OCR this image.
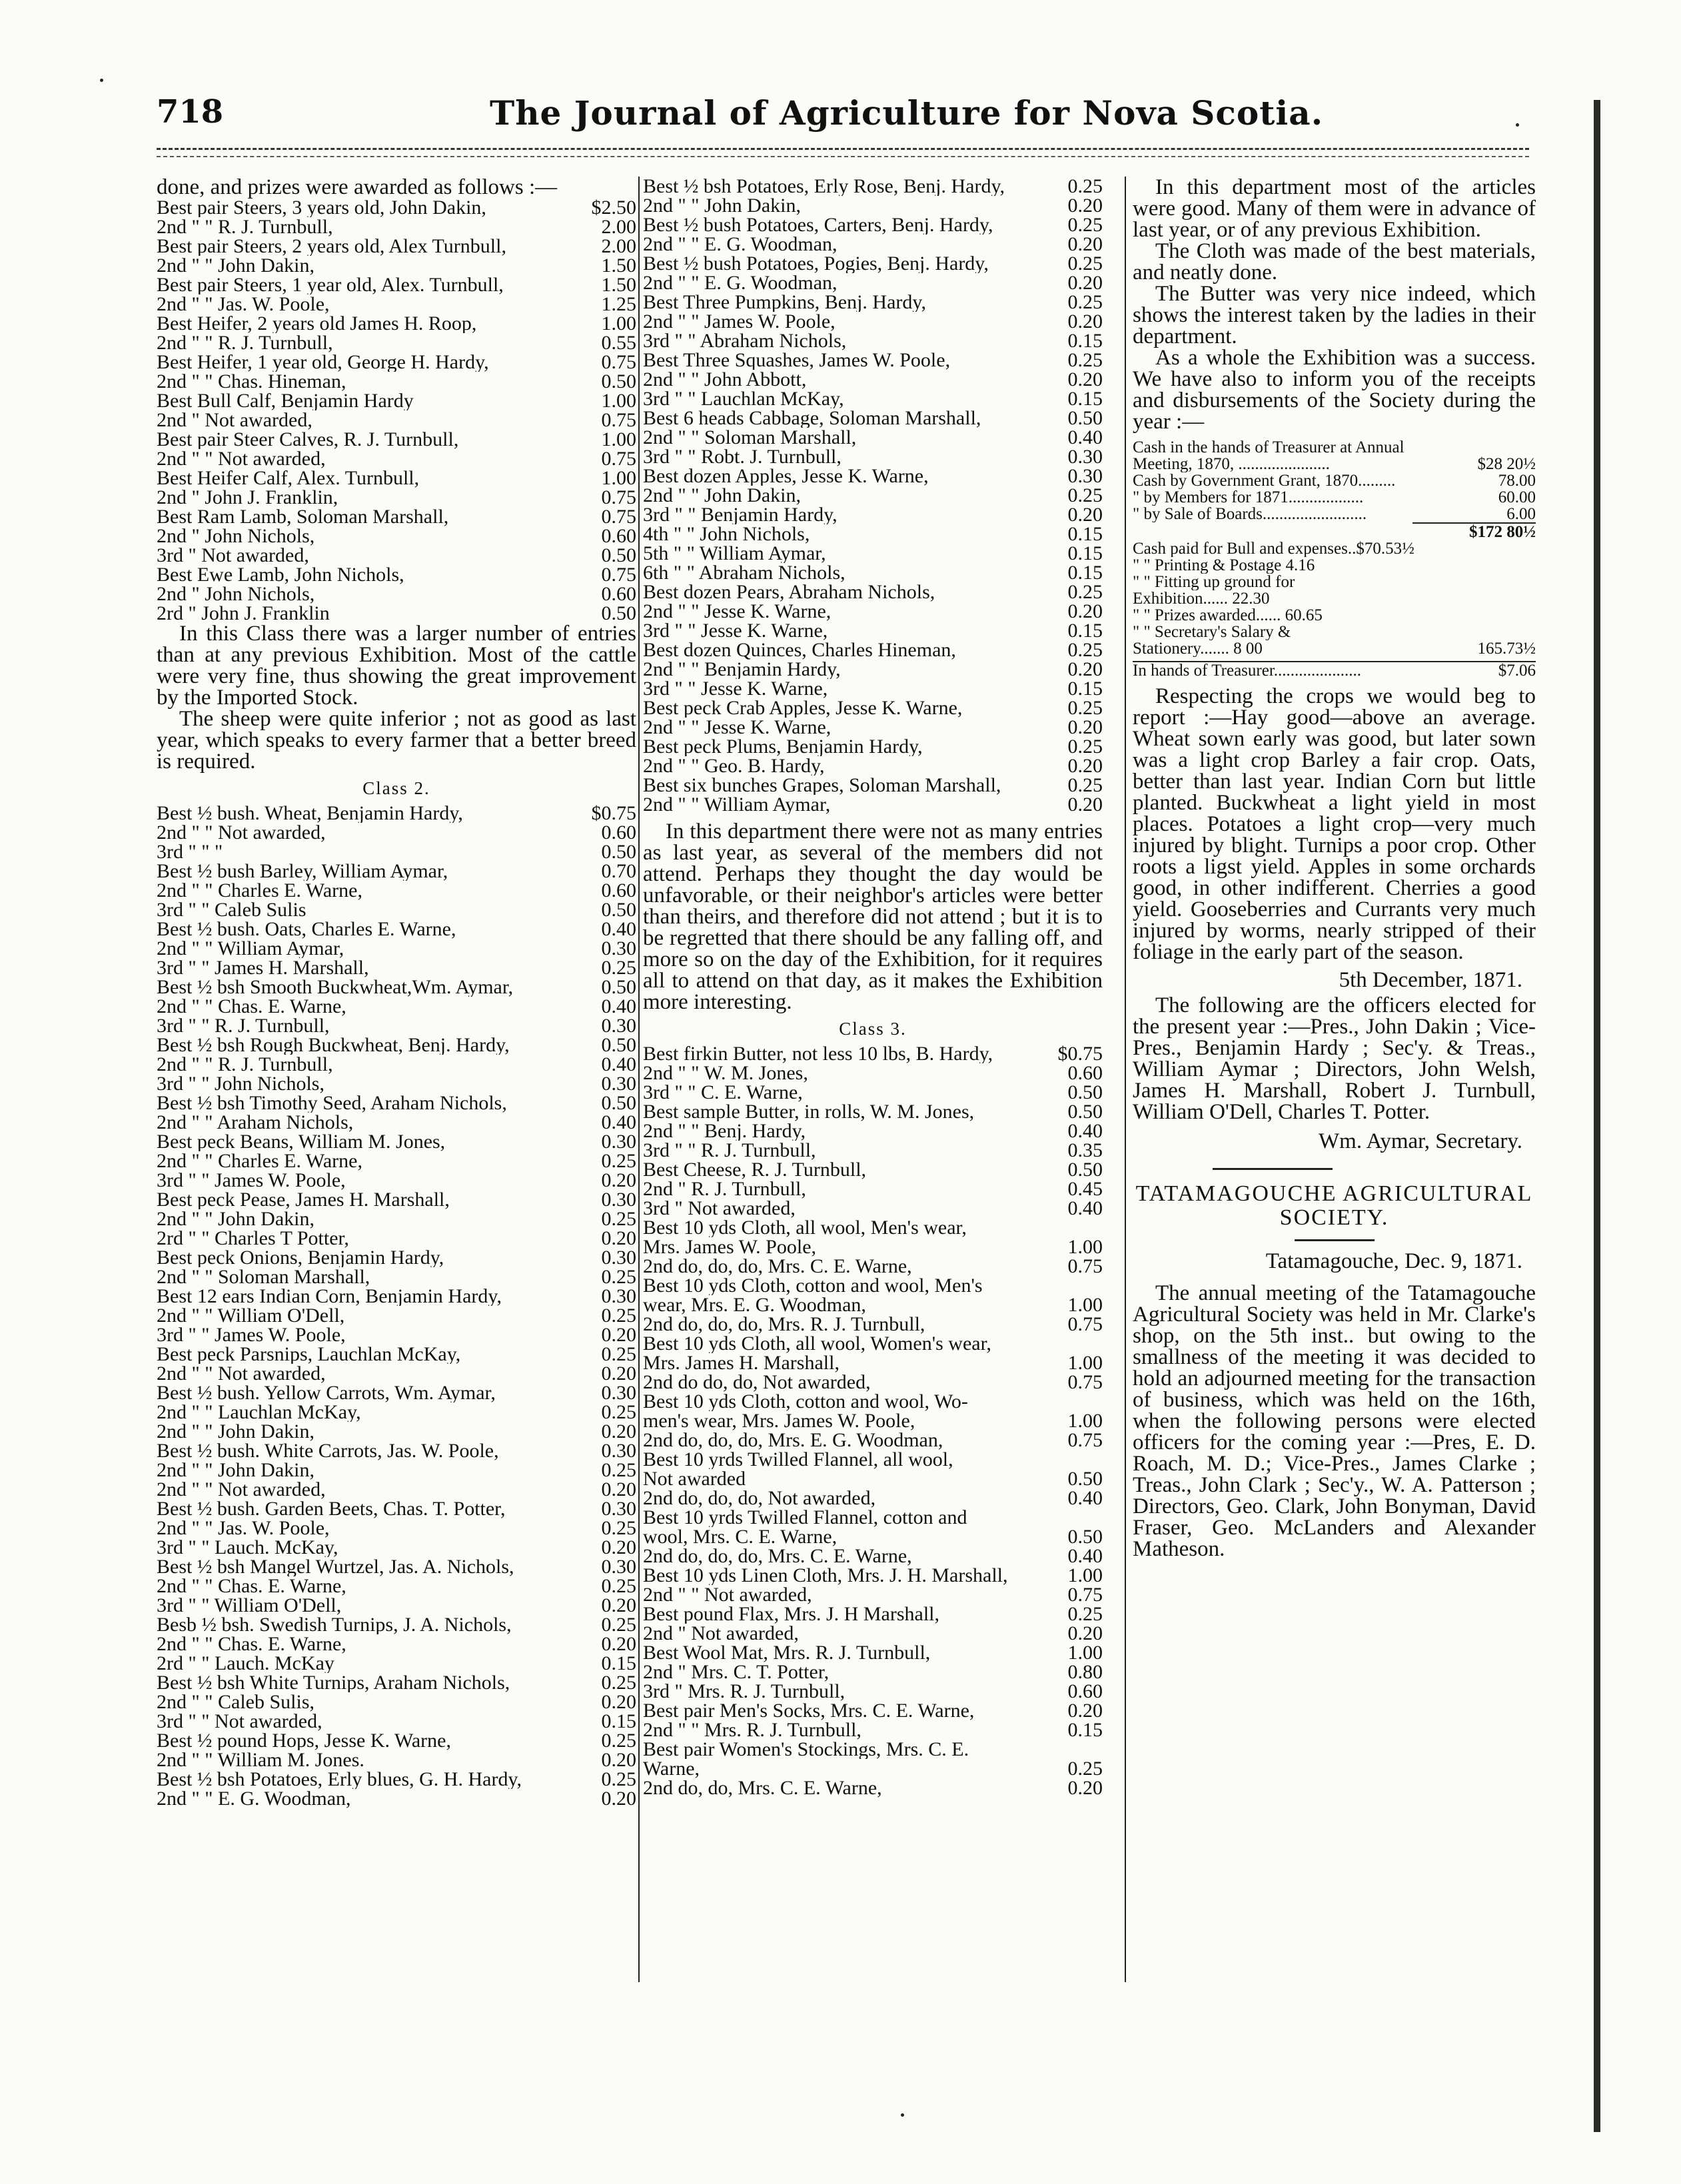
718	The Journal of Agriculture for Nova Scotia.
done, and prizes were awarded as follows :—
Best pair Steers, 3 years old, John Dakin,	$2.50
2nd " " R. J. Turnbull,	2.00
Best pair Steers, 2 years old, Alex Turnbull,	2.00
2nd " " John Dakin,	1.50
Best pair Steers, 1 year old, Alex. Turnbull,	1.50
2nd " " Jas. W. Poole,	1.25
Best Heifer, 2 years old James H. Roop,	1.00
2nd " " R. J. Turnbull,	0.55
Best Heifer, 1 year old, George H. Hardy,	0.75
2nd " " Chas. Hineman,	0.50
Best Bull Calf, Benjamin Hardy	1.00
2nd " Not awarded,	0.75
Best pair Steer Calves, R. J. Turnbull,	1.00
2nd " " Not awarded,	0.75
Best Heifer Calf, Alex. Turnbull,	1.00
2nd " John J. Franklin,	0.75
Best Ram Lamb, Soloman Marshall,	0.75
2nd " John Nichols,	0.60
3rd " Not awarded,	0.50
Best Ewe Lamb, John Nichols,	0.75
2nd " John Nichols,	0.60
2rd " John J. Franklin	0.50
In this Class there was a larger number of entries than at any previous Exhibition. Most of the cattle were very fine, thus showing the great improvement by the Imported Stock.
The sheep were quite inferior ; not as good as last year, which speaks to every farmer that a better breed is required.
Class 2.
Best ½ bush. Wheat, Benjamin Hardy,	$0.75
2nd " " Not awarded,	0.60
3rd " " "	0.50
Best ½ bush Barley, William Aymar,	0.70
2nd " " Charles E. Warne,	0.60
3rd " " Caleb Sulis	0.50
Best ½ bush. Oats, Charles E. Warne,	0.40
2nd " " William Aymar,	0.30
3rd " " James H. Marshall,	0.25
Best ½ bsh Smooth Buckwheat,Wm. Aymar,	0.50
2nd " " Chas. E. Warne,	0.40
3rd " " R. J. Turnbull,	0.30
Best ½ bsh Rough Buckwheat, Benj. Hardy,	0.50
2nd " " R. J. Turnbull,	0.40
3rd " " John Nichols,	0.30
Best ½ bsh Timothy Seed, Araham Nichols,	0.50
2nd " " Araham Nichols,	0.40
Best peck Beans, William M. Jones,	0.30
2nd " " Charles E. Warne,	0.25
3rd " " James W. Poole,	0.20
Best peck Pease, James H. Marshall,	0.30
2nd " " John Dakin,	0.25
2rd " " Charles T Potter,	0.20
Best peck Onions, Benjamin Hardy,	0.30
2nd " " Soloman Marshall,	0.25
Best 12 ears Indian Corn, Benjamin Hardy,	0.30
2nd " " William O'Dell,	0.25
3rd " " James W. Poole,	0.20
Best peck Parsnips, Lauchlan McKay,	0.25
2nd " " Not awarded,	0.20
Best ½ bush. Yellow Carrots, Wm. Aymar,	0.30
2nd " " Lauchlan McKay,	0.25
2nd " " John Dakin,	0.20
Best ½ bush. White Carrots, Jas. W. Poole,	0.30
2nd " " John Dakin,	0.25
2nd " " Not awarded,	0.20
Best ½ bush. Garden Beets, Chas. T. Potter,	0.30
2nd " " Jas. W. Poole,	0.25
3rd " " Lauch. McKay,	0.20
Best ½ bsh Mangel Wurtzel, Jas. A. Nichols,	0.30
2nd " " Chas. E. Warne,	0.25
3rd " " William O'Dell,	0.20
Besb ½ bsh. Swedish Turnips, J. A. Nichols,	0.25
2nd " " Chas. E. Warne,	0.20
2rd " " Lauch. McKay	0.15
Best ½ bsh White Turnips, Araham Nichols,	0.25
2nd " " Caleb Sulis,	0.20
3rd " " Not awarded,	0.15
Best ½ pound Hops, Jesse K. Warne,	0.25
2nd " " William M. Jones.	0.20
Best ½ bsh Potatoes, Erly blues, G. H. Hardy,	0.25
2nd " " E. G. Woodman,	0.20
Best ½ bsh Potatoes, Erly Rose, Benj. Hardy,	0.25
2nd " " John Dakin,	0.20
Best ½ bush Potatoes, Carters, Benj. Hardy,	0.25
2nd " " E. G. Woodman,	0.20
Best ½ bush Potatoes, Pogies, Benj. Hardy,	0.25
2nd " " E. G. Woodman,	0.20
Best Three Pumpkins, Benj. Hardy,	0.25
2nd " " James W. Poole,	0.20
3rd " " Abraham Nichols,	0.15
Best Three Squashes, James W. Poole,	0.25
2nd " " John Abbott,	0.20
3rd " " Lauchlan McKay,	0.15
Best 6 heads Cabbage, Soloman Marshall,	0.50
2nd " " Soloman Marshall,	0.40
3rd " " Robt. J. Turnbull,	0.30
Best dozen Apples, Jesse K. Warne,	0.30
2nd " " John Dakin,	0.25
3rd " " Benjamin Hardy,	0.20
4th " " John Nichols,	0.15
5th " " William Aymar,	0.15
6th " " Abraham Nichols,	0.15
Best dozen Pears, Abraham Nichols,	0.25
2nd " " Jesse K. Warne,	0.20
3rd " " Jesse K. Warne,	0.15
Best dozen Quinces, Charles Hineman,	0.25
2nd " " Benjamin Hardy,	0.20
3rd " " Jesse K. Warne,	0.15
Best peck Crab Apples, Jesse K. Warne,	0.25
2nd " " Jesse K. Warne,	0.20
Best peck Plums, Benjamin Hardy,	0.25
2nd " " Geo. B. Hardy,	0.20
Best six bunches Grapes, Soloman Marshall,	0.25
2nd " " William Aymar,	0.20
In this department there were not as many entries as last year, as several of the members did not attend. Perhaps they thought the day would be unfavorable, or their neighbor's articles were better than theirs, and therefore did not attend ; but it is to be regretted that there should be any falling off, and more so on the day of the Exhibition, for it requires all to attend on that day, as it makes the Exhibition more interesting.
Class 3.
Best firkin Butter, not less 10 lbs, B. Hardy,	$0.75
2nd " " W. M. Jones,	0.60
3rd " " C. E. Warne,	0.50
Best sample Butter, in rolls, W. M. Jones,	0.50
2nd " " Benj. Hardy,	0.40
3rd " " R. J. Turnbull,	0.35
Best Cheese, R. J. Turnbull,	0.50
2nd " R. J. Turnbull,	0.45
3rd " Not awarded,	0.40
Best 10 yds Cloth, all wool, Men's wear,
Mrs. James W. Poole,	1.00
2nd do, do, do, Mrs. C. E. Warne,	0.75
Best 10 yds Cloth, cotton and wool, Men's
wear, Mrs. E. G. Woodman,	1.00
2nd do, do, do, Mrs. R. J. Turnbull,	0.75
Best 10 yds Cloth, all wool, Women's wear,
Mrs. James H. Marshall,	1.00
2nd do do, do, Not awarded,	0.75
Best 10 yds Cloth, cotton and wool, Wo-
men's wear, Mrs. James W. Poole,	1.00
2nd do, do, do, Mrs. E. G. Woodman,	0.75
Best 10 yrds Twilled Flannel, all wool,
Not awarded	0.50
2nd do, do, do, Not awarded,	0.40
Best 10 yrds Twilled Flannel, cotton and
wool, Mrs. C. E. Warne,	0.50
2nd do, do, do, Mrs. C. E. Warne,	0.40
Best 10 yds Linen Cloth, Mrs. J. H. Marshall,	1.00
2nd " " Not awarded,	0.75
Best pound Flax, Mrs. J. H Marshall,	0.25
2nd " Not awarded,	0.20
Best Wool Mat, Mrs. R. J. Turnbull,	1.00
2nd " Mrs. C. T. Potter,	0.80
3rd " Mrs. R. J. Turnbull,	0.60
Best pair Men's Socks, Mrs. C. E. Warne,	0.20
2nd " " Mrs. R. J. Turnbull,	0.15
Best pair Women's Stockings, Mrs. C. E.
Warne,	0.25
2nd do, do, Mrs. C. E. Warne,	0.20
In this department most of the articles were good. Many of them were in advance of last year, or of any previous Exhibition.
The Cloth was made of the best materials, and neatly done.
The Butter was very nice indeed, which shows the interest taken by the ladies in their department.
As a whole the Exhibition was a success. We have also to inform you of the receipts and disbursements of the Society during the year :—
Cash in the hands of Treasurer at Annual
Meeting, 1870, ......................	$28 20½
Cash by Government Grant, 1870.........	78.00
" by Members for 1871..................	60.00
" by Sale of Boards.........................	6.00
$172 80½
Cash paid for Bull and expenses..$70.53½
" " Printing & Postage 4.16
" " Fitting up ground for
Exhibition...... 22.30
" " Prizes awarded...... 60.65
" " Secretary's Salary &
Stationery....... 8 00	165.73½
In hands of Treasurer.....................	$7.06
Respecting the crops we would beg to report :—Hay good—above an average. Wheat sown early was good, but later sown was a light crop Barley a fair crop. Oats, better than last year. Indian Corn but little planted. Buckwheat a light yield in most places. Potatoes a light crop—very much injured by blight. Turnips a poor crop. Other roots a ligst yield. Apples in some orchards good, in other indifferent. Cherries a good yield. Gooseberries and Currants very much injured by worms, nearly stripped of their foliage in the early part of the season.
5th December, 1871.
The following are the officers elected for the present year :—Pres., John Dakin ; Vice-Pres., Benjamin Hardy ; Sec'y. & Treas., William Aymar ; Directors, John Welsh, James H. Marshall, Robert J. Turnbull, William O'Dell, Charles T. Potter.
Wm. Aymar, Secretary.
TATAMAGOUCHE AGRICULTURAL SOCIETY.
Tatamagouche, Dec. 9, 1871.
The annual meeting of the Tatamagouche Agricultural Society was held in Mr. Clarke's shop, on the 5th inst.. but owing to the smallness of the meeting it was decided to hold an adjourned meeting for the transaction of business, which was held on the 16th, when the following persons were elected officers for the coming year :—Pres, E. D. Roach, M. D.; Vice-Pres., James Clarke ; Treas., John Clark ; Sec'y., W. A. Patterson ; Directors, Geo. Clark, John Bonyman, David Fraser, Geo. McLanders and Alexander Matheson.
